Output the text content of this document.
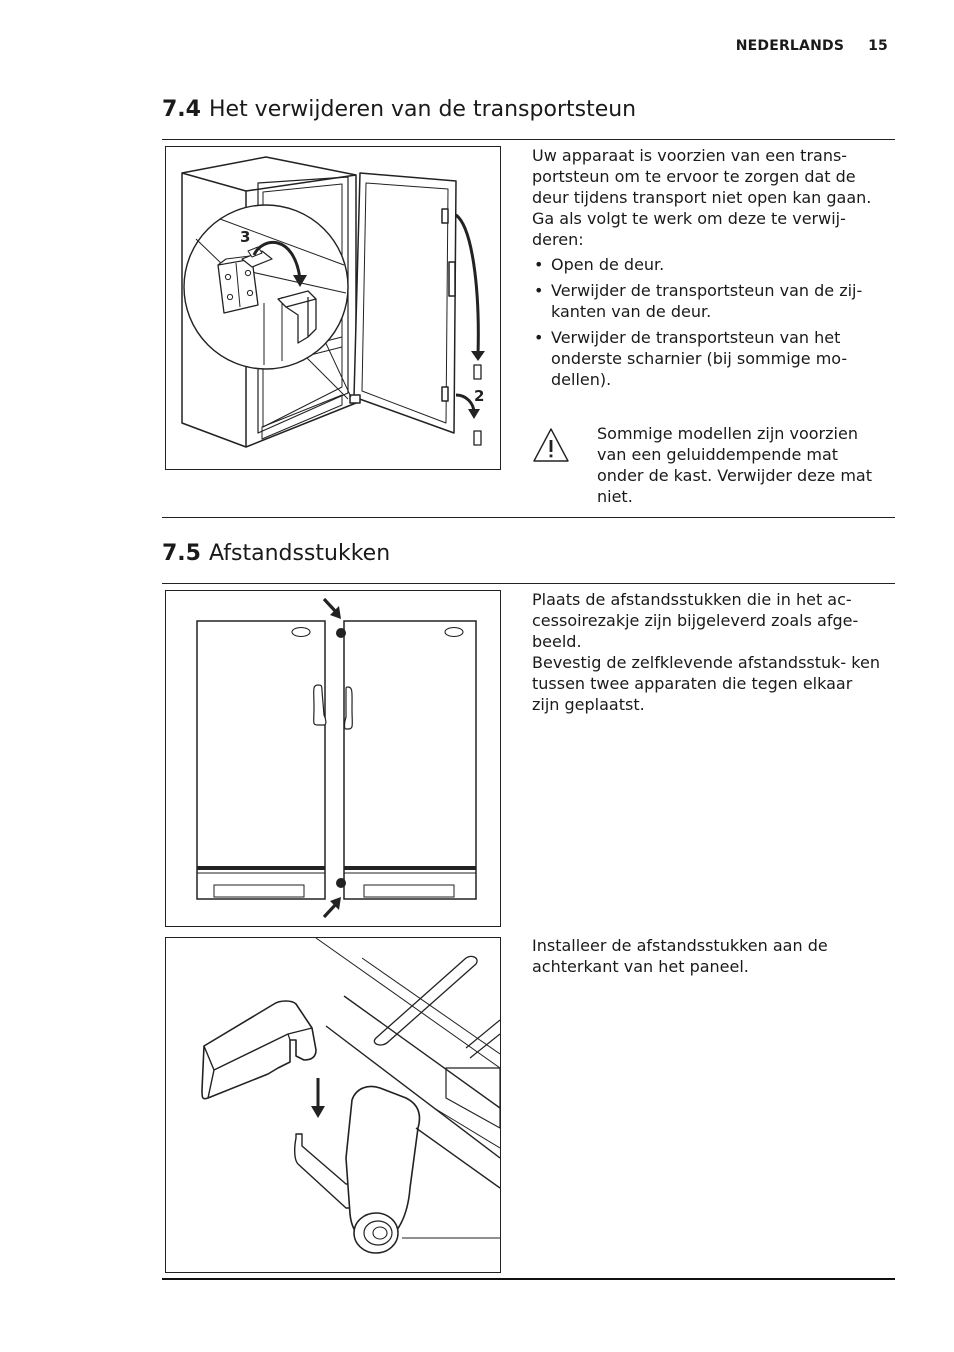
NEDERLANDS 15
7.4 Het verwijderen van de transportsteun
3
2

Uw apparaat is voorzien van een trans- portsteun om te ervoor te zorgen dat de deur tijdens transport niet open kan gaan.

Ga als volgt te werk om deze te verwij- deren:

• Open de deur.
• Verwijder de transportsteun van de zij- kanten van de deur.
• Verwijder de transportsteun van het onderste scharnier (bij sommige mo- dellen).
Sommige modellen zijn voorzien van een geluiddempende mat onder de kast. Verwijder deze mat niet.
7.5 Afstandsstukken

Plaats de afstandsstukken die in het ac- cessoirezakje zijn bijgeleverd zoals afge- beeld.

Bevestig de zelfklevende afstandsstuk- ken tussen twee apparaten die tegen elkaar zijn geplaatst.

Installeer de afstandsstukken aan de achterkant van het paneel.
